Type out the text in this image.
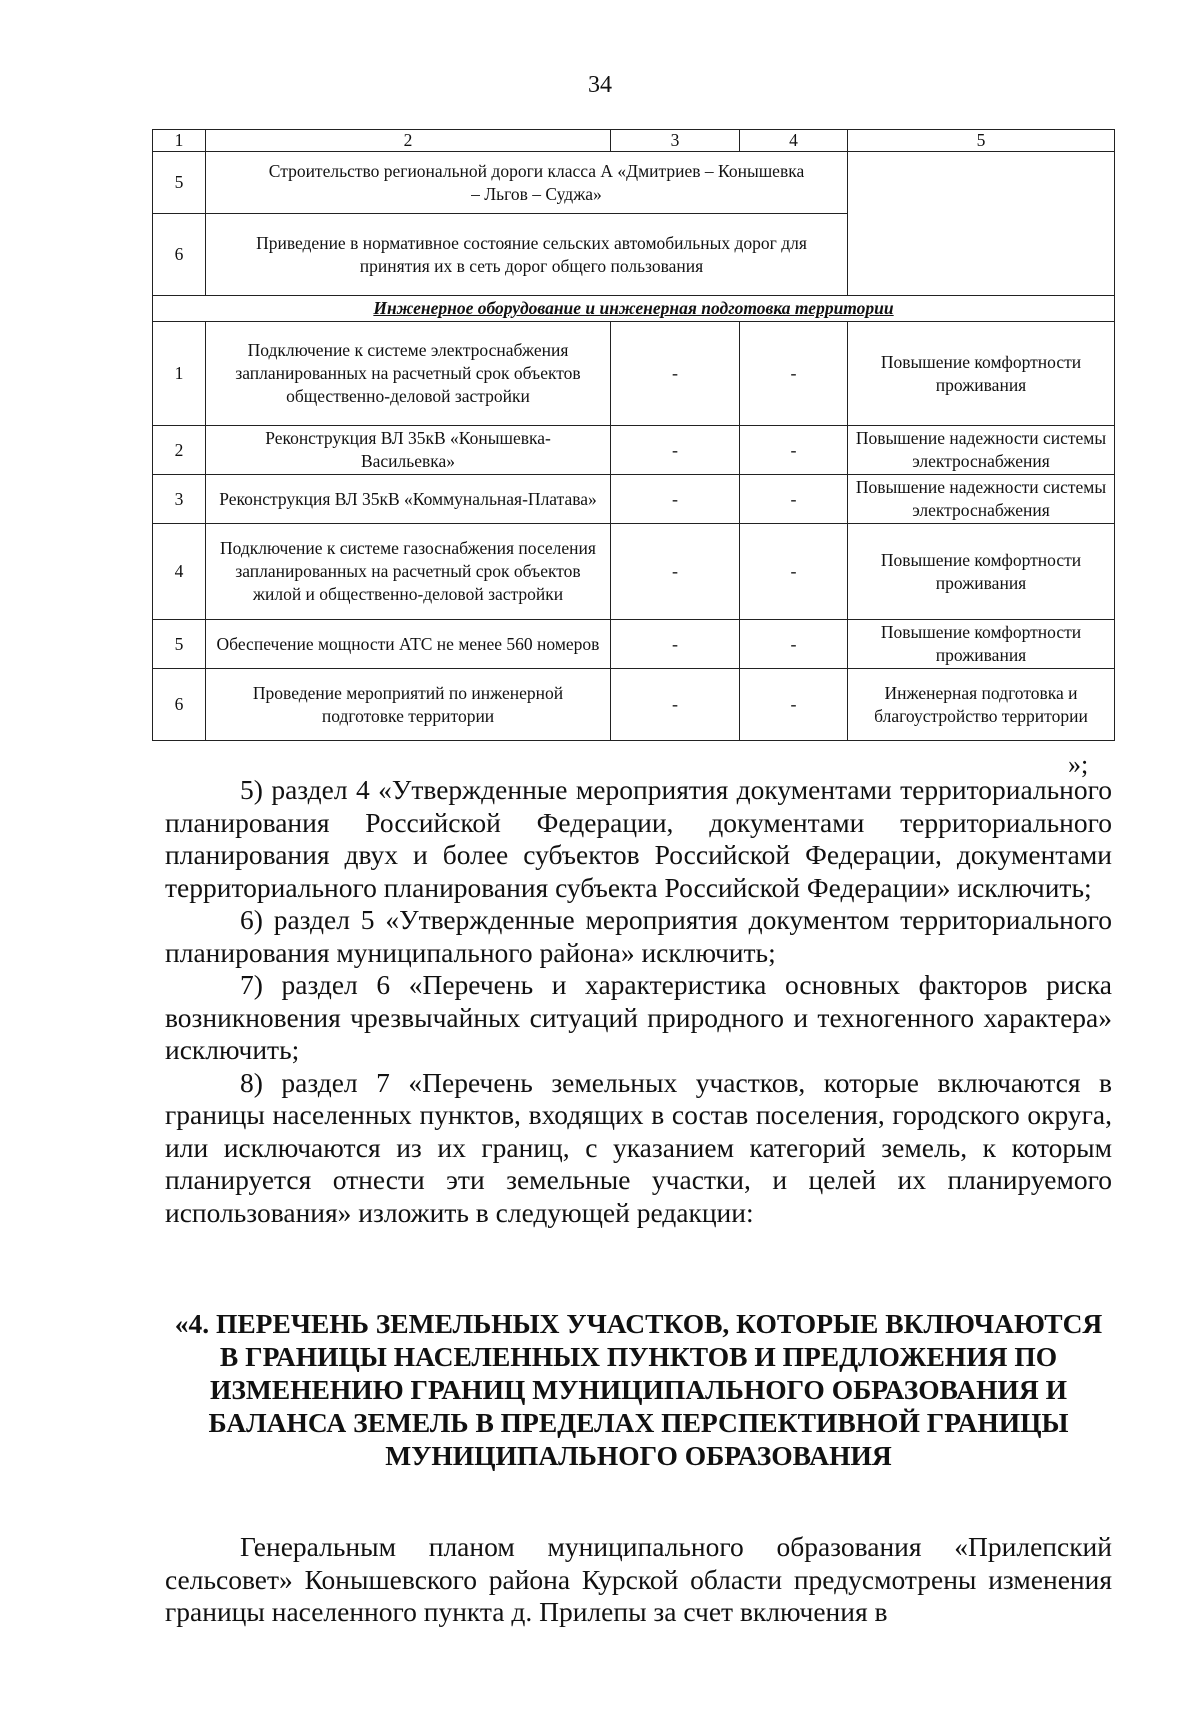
34
1	2	3	4	5
5	Строительство региональной дороги класса А «Дмитриев – Конышевка – Льгов – Суджа»			
6	Приведение в нормативное состояние сельских автомобильных дорог для принятия их в сеть дорог общего пользования			
Инженерное оборудование и инженерная подготовка территории				
1	Подключение к системе электроснабжения запланированных на расчетный срок объектов общественно-деловой застройки	-	-	Повышение комфортности проживания
2	Реконструкция ВЛ 35кВ «Конышевка-Васильевка»	-	-	Повышение надежности системы электроснабжения
3	Реконструкция ВЛ 35кВ «Коммунальная-Платава»	-	-	Повышение надежности системы электроснабжения
4	Подключение к системе газоснабжения поселения запланированных на расчетный срок объектов жилой и общественно-деловой застройки	-	-	Повышение комфортности проживания
5	Обеспечение мощности АТС не менее 560 номеров	-	-	Повышение комфортности проживания
6	Проведение мероприятий по инженерной подготовке территории	-	-	Инженерная подготовка и благоустройство территории
»;

5) раздел 4 «Утвержденные мероприятия документами территориального планирования Российской Федерации, документами территориального планирования двух и более субъектов Российской Федерации, документами территориального планирования субъекта Российской Федерации» исключить;

6) раздел 5 «Утвержденные мероприятия документом территориального планирования муниципального района» исключить;

7) раздел 6 «Перечень и характеристика основных факторов риска возникновения чрезвычайных ситуаций природного и техногенного характера» исключить;

8) раздел 7 «Перечень земельных участков, которые включаются в границы населенных пунктов, входящих в состав поселения, городского округа, или исключаются из их границ, с указанием категорий земель, к которым планируется отнести эти земельные участки, и целей их планируемого использования» изложить в следующей редакции:

«4. ПЕРЕЧЕНЬ ЗЕМЕЛЬНЫХ УЧАСТКОВ, КОТОРЫЕ ВКЛЮЧАЮТСЯ В ГРАНИЦЫ НАСЕЛЕННЫХ ПУНКТОВ И ПРЕДЛОЖЕНИЯ ПО ИЗМЕНЕНИЮ ГРАНИЦ МУНИЦИПАЛЬНОГО ОБРАЗОВАНИЯ И БАЛАНСА ЗЕМЕЛЬ В ПРЕДЕЛАХ ПЕРСПЕКТИВНОЙ ГРАНИЦЫ МУНИЦИПАЛЬНОГО ОБРАЗОВАНИЯ

Генеральным планом муниципального образования «Прилепский сельсовет» Конышевского района Курской области предусмотрены изменения границы населенного пункта д. Прилепы за счет включения в
